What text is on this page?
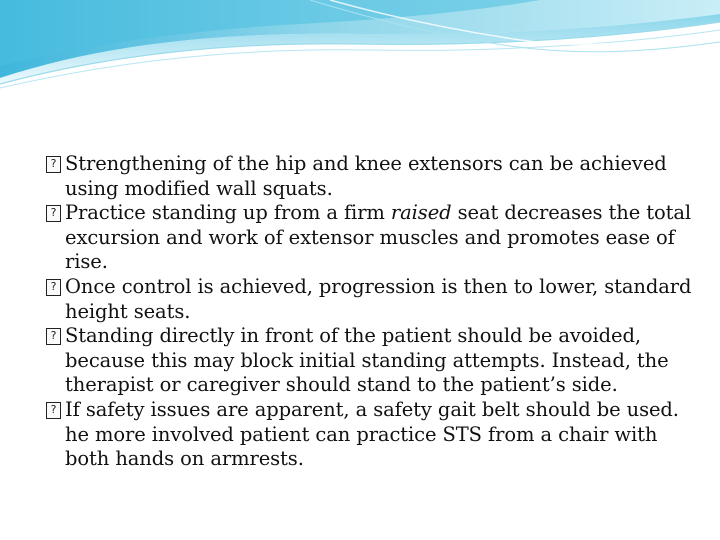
? Strengthening of the hip and knee extensors can be achieved using modified wall squats.

? Practice standing up from a firm raised seat decreases the total excursion and work of extensor muscles and promotes ease of rise.

? Once control is achieved, progression is then to lower, standard height seats.

? Standing directly in front of the patient should be avoided, because this may block initial standing attempts. Instead, the therapist or caregiver should stand to the patient’s side.

? If safety issues are apparent, a safety gait belt should be used. he more involved patient can practice STS from a chair with both hands on armrests.
